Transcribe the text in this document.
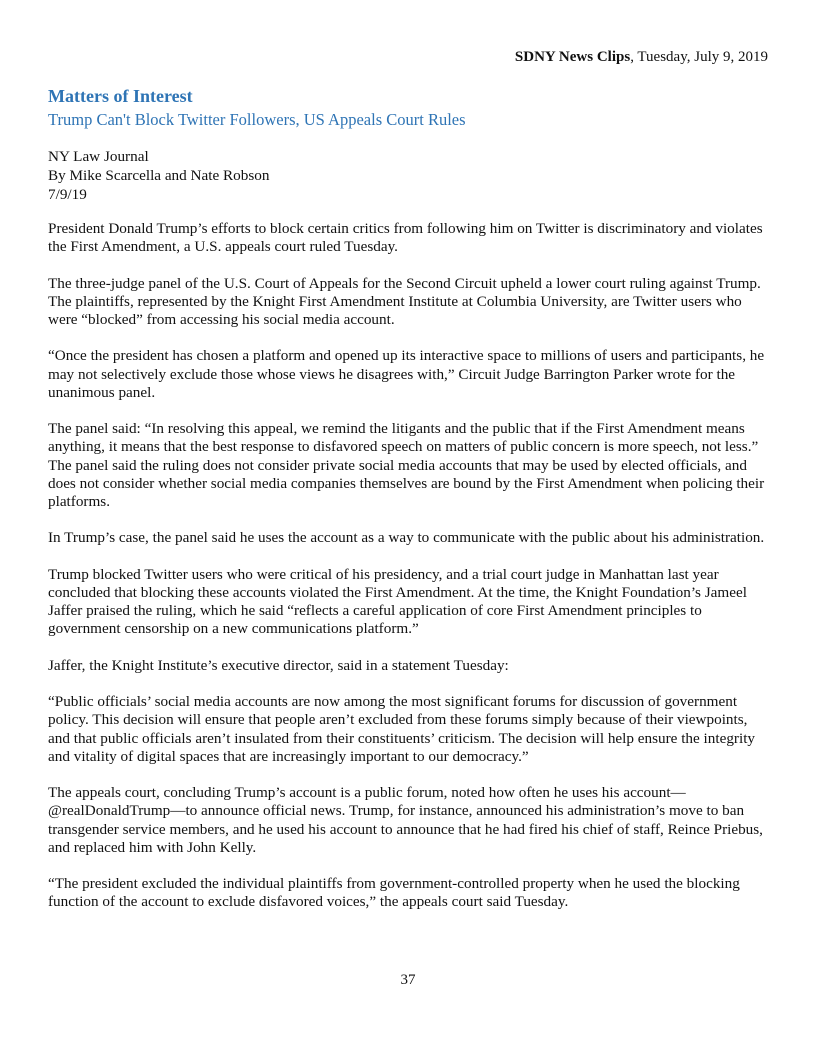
SDNY News Clips, Tuesday, July 9, 2019
Matters of Interest
Trump Can't Block Twitter Followers, US Appeals Court Rules
NY Law Journal
By Mike Scarcella and Nate Robson
7/9/19

President Donald Trump’s efforts to block certain critics from following him on Twitter is discriminatory and violates the First Amendment, a U.S. appeals court ruled Tuesday.

The three-judge panel of the U.S. Court of Appeals for the Second Circuit upheld a lower court ruling against Trump. The plaintiffs, represented by the Knight First Amendment Institute at Columbia University, are Twitter users who were “blocked” from accessing his social media account.

“Once the president has chosen a platform and opened up its interactive space to millions of users and participants, he may not selectively exclude those whose views he disagrees with,” Circuit Judge Barrington Parker wrote for the unanimous panel.

The panel said: “In resolving this appeal, we remind the litigants and the public that if the First Amendment means anything, it means that the best response to disfavored speech on matters of public concern is more speech, not less.”

The panel said the ruling does not consider private social media accounts that may be used by elected officials, and does not consider whether social media companies themselves are bound by the First Amendment when policing their platforms.

In Trump’s case, the panel said he uses the account as a way to communicate with the public about his administration.

Trump blocked Twitter users who were critical of his presidency, and a trial court judge in Manhattan last year concluded that blocking these accounts violated the First Amendment. At the time, the Knight Foundation’s Jameel Jaffer praised the ruling, which he said “reflects a careful application of core First Amendment principles to government censorship on a new communications platform.”

Jaffer, the Knight Institute’s executive director, said in a statement Tuesday:

“Public officials’ social media accounts are now among the most significant forums for discussion of government policy. This decision will ensure that people aren’t excluded from these forums simply because of their viewpoints, and that public officials aren’t insulated from their constituents’ criticism. The decision will help ensure the integrity and vitality of digital spaces that are increasingly important to our democracy.”

The appeals court, concluding Trump’s account is a public forum, noted how often he uses his account—@realDonaldTrump—to announce official news. Trump, for instance, announced his administration’s move to ban transgender service members, and he used his account to announce that he had fired his chief of staff, Reince Priebus, and replaced him with John Kelly.

“The president excluded the individual plaintiffs from government-controlled property when he used the blocking function of the account to exclude disfavored voices,” the appeals court said Tuesday.

37
